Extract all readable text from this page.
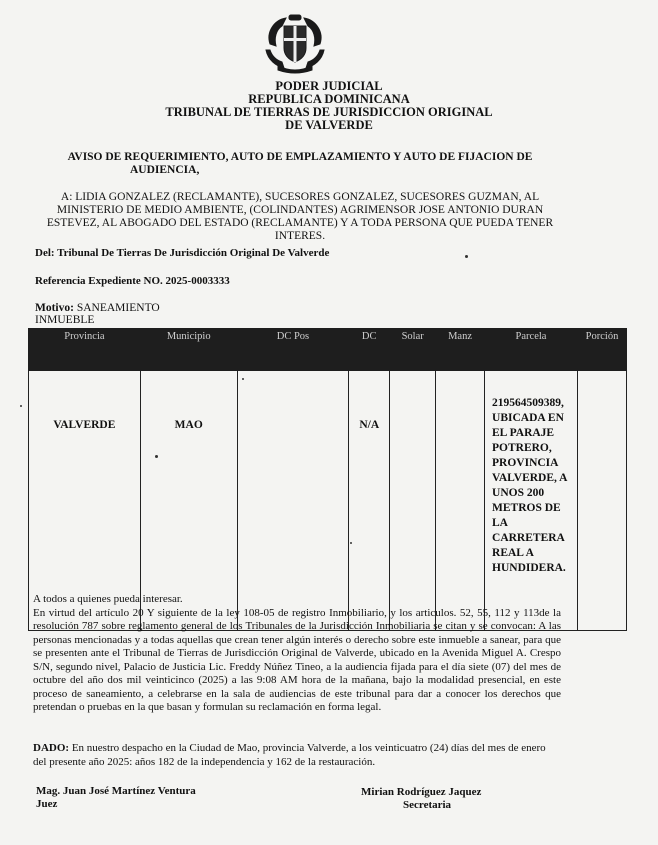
PODER JUDICIAL
REPUBLICA DOMINICANA
TRIBUNAL DE TIERRAS DE JURISDICCION ORIGINAL
DE VALVERDE
AVISO DE REQUERIMIENTO, AUTO DE EMPLAZAMIENTO Y AUTO DE FIJACION DE
AUDIENCIA,
A: LIDIA GONZALEZ (RECLAMANTE), SUCESORES GONZALEZ, SUCESORES GUZMAN, AL MINISTERIO DE MEDIO AMBIENTE, (COLINDANTES) AGRIMENSOR JOSE ANTONIO DURAN ESTEVEZ, AL ABOGADO DEL ESTADO (RECLAMANTE) Y A TODA PERSONA QUE PUEDA TENER INTERES.
Del: Tribunal De Tierras De Jurisdicción Original De Valverde
Referencia Expediente NO. 2025-0003333
Motivo: SANEAMIENTO
INMUEBLE
Provincia	Municipio	DC Pos	DC	Solar	Manz	Parcela	Porción
VALVERDE	MAO		N/A			219564509389, UBICADA EN EL PARAJE POTRERO, PROVINCIA VALVERDE, A UNOS 200 METROS DE LA CARRETERA REAL A HUNDIDERA.	

A todos a quienes pueda interesar.
En virtud del artículo 20 Y siguiente de la ley 108-05 de registro Inmobiliario, y los articulos. 52, 55, 112 y 113de la resolución 787 sobre reglamento general de los Tribunales de la Jurisdicción Inmobiliaria se citan y se convocan: A las personas mencionadas y a todas aquellas que crean tener algún interés o derecho sobre este inmueble a sanear, para que se presenten ante el Tribunal de Tierras de Jurisdicción Original de Valverde, ubicado en la Avenida Miguel A. Crespo S/N, segundo nivel, Palacio de Justicia Lic. Freddy Núñez Tineo, a la audiencia fijada para el día siete (07) del mes de octubre del año dos mil veinticinco (2025) a las 9:08 AM hora de la mañana, bajo la modalidad presencial, en este proceso de saneamiento, a celebrarse en la sala de audiencias de este tribunal para dar a conocer los derechos que pretendan o pruebas en la que basan y formulan su reclamación en forma legal.
DADO: En nuestro despacho en la Ciudad de Mao, provincia Valverde, a los veinticuatro (24) días del mes de enero del presente año 2025: años 182 de la independencia y 162 de la restauración.
Mag. Juan José Martínez Ventura
Juez
Mirian Rodríguez Jaquez
Secretaria
